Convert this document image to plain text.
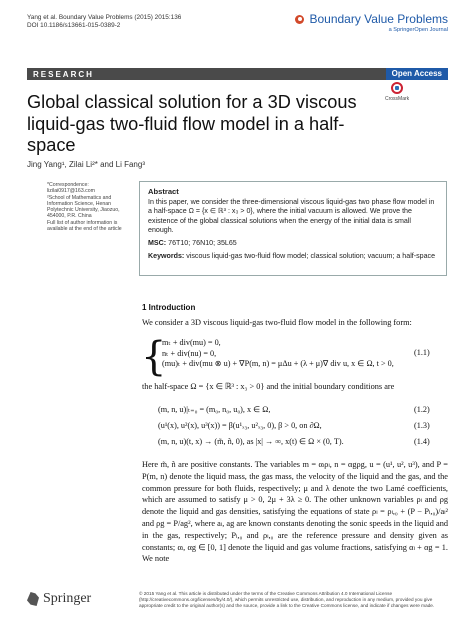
Yang et al. Boundary Value Problems (2015) 2015:136
DOI 10.1186/s13661-015-0389-2	Boundary Value Problems
a SpringerOpen Journal
RESEARCH	Open Access
CrossMark
Global classical solution for a 3D viscous liquid-gas two-fluid flow model in a half-space
Jing Yang¹, Zilai Li²* and Li Fang³
*Correspondence:
lizilai0917@163.com
²School of Mathematics and
Information Science, Henan
Polytechnic University, Jiaozuo,
454000, P.R. China
Full list of author information is
available at the end of the article
Abstract

In this paper, we consider the three-dimensional viscous liquid-gas two phase flow model in a half-space Ω = {x ∈ ℝ³ : x₃ > 0}, where the initial vacuum is allowed. We prove the existence of the global classical solutions when the energy of the initial data is small enough.

MSC: 76T10; 76N10; 35L65

Keywords: viscous liquid-gas two-fluid flow model; classical solution; vacuum; a half-space

1 Introduction
We consider a 3D viscous liquid-gas two-fluid flow model in the following form:
{
mₜ + div(mu) = 0,
nₜ + div(nu) = 0,
(mu)ₜ + div(mu ⊗ u) + ∇P(m, n) = μΔu + (λ + μ)∇ div u, x ∈ Ω, t > 0,
(1.1)
the half-space Ω = {x ∈ ℝ³ : x₃ > 0} and the initial boundary conditions are
(m, n, u)|ₜ₌₀ = (m₀, n₀, u₀), x ∈ Ω,	(1.2)
(u¹(x), u²(x), u³(x)) = β(u¹ₓ₃, u²ₓ₃, 0), β > 0, on ∂Ω,	(1.3)
(m, n, u)(t, x) → (m̃, ñ, 0), as |x| → ∞, x(t) ∈ Ω × (0, T).	(1.4)
Here m̃, ñ are positive constants. The variables m = αₗρₗ, n = αgρg, u = (u¹, u², u³), and P = P(m, n) denote the liquid mass, the gas mass, the velocity of the liquid and the gas, and the common pressure for both fluids, respectively; μ and λ denote the two Lamé coefficients, which are assumed to satisfy μ > 0, 2μ + 3λ ≥ 0. The other unknown variables ρₗ and ρg denote the liquid and gas densities, satisfying the equations of state ρₗ = ρₗ,₀ + (P − Pₗ,₀)/aₗ² and ρg = P/ag², where aₗ, ag are known constants denoting the sonic speeds in the liquid and in the gas, respectively; Pₗ,₀ and ρₗ,₀ are the reference pressure and density given as constants; αₗ, αg ∈ [0, 1] denote the liquid and gas volume fractions, satisfying αₗ + αg = 1. We note
Springer	© 2015 Yang et al. This article is distributed under the terms of the Creative Commons Attribution 4.0 International License (http://creativecommons.org/licenses/by/4.0/), which permits unrestricted use, distribution, and reproduction in any medium, provided you give appropriate credit to the original author(s) and the source, provide a link to the Creative Commons license, and indicate if changes were made.
